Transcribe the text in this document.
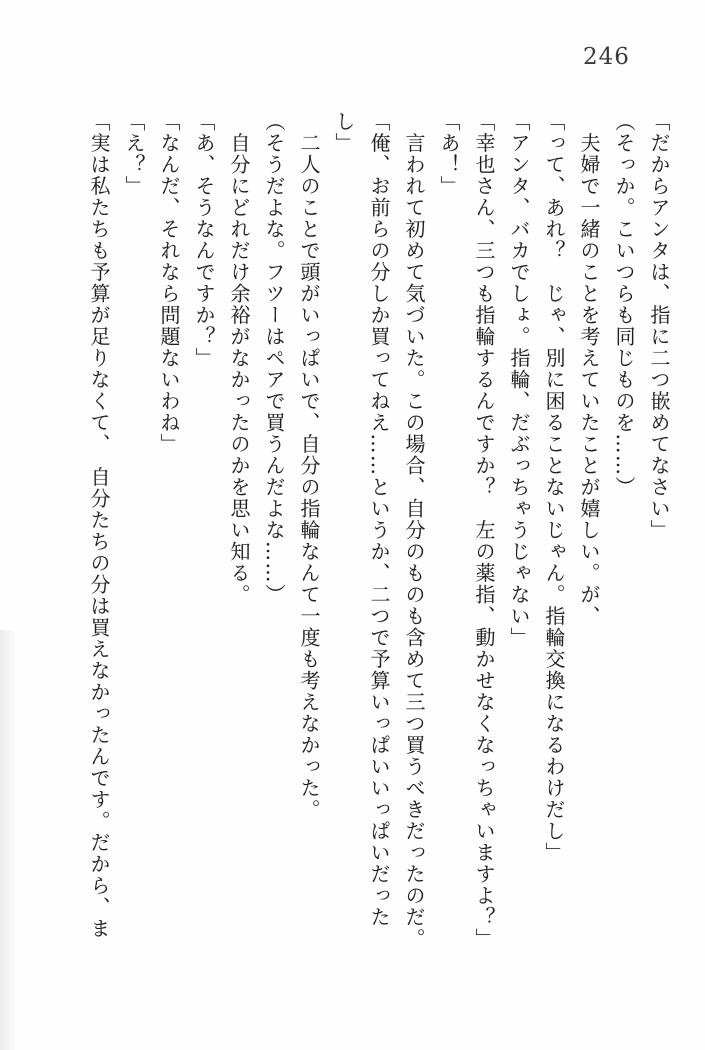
246

「だからアンタは、指に二つ嵌めてなさい」

（そっか。こいつらも同じものを……）

　夫婦で一緒のことを考えていたことが嬉しい。が、

「って、あれ？　じゃ、別に困ることないじゃん。指輪交換になるわけだし」

「アンタ、バカでしょ。指輪、だぶっちゃうじゃない」

「幸也さん、三つも指輪するんですか？　左の薬指、動かせなくなっちゃいますよ？」

「あ！」

　言われて初めて気づいた。この場合、自分のものも含めて三つ買うべきだったのだ。

「俺、お前らの分しか買ってねえ……というか、二つで予算いっぱいいっぱいだった

し」

　二人のことで頭がいっぱいで、自分の指輪なんて一度も考えなかった。

（そうだよな。フツーはペアで買うんだよな……）

　自分にどれだけ余裕がなかったのかを思い知る。

「あ、そうなんですか？」

「なんだ、それなら問題ないわね」

「え？」

「実は私たちも予算が足りなくて、　自分たちの分は買えなかったんです。だから、ま
